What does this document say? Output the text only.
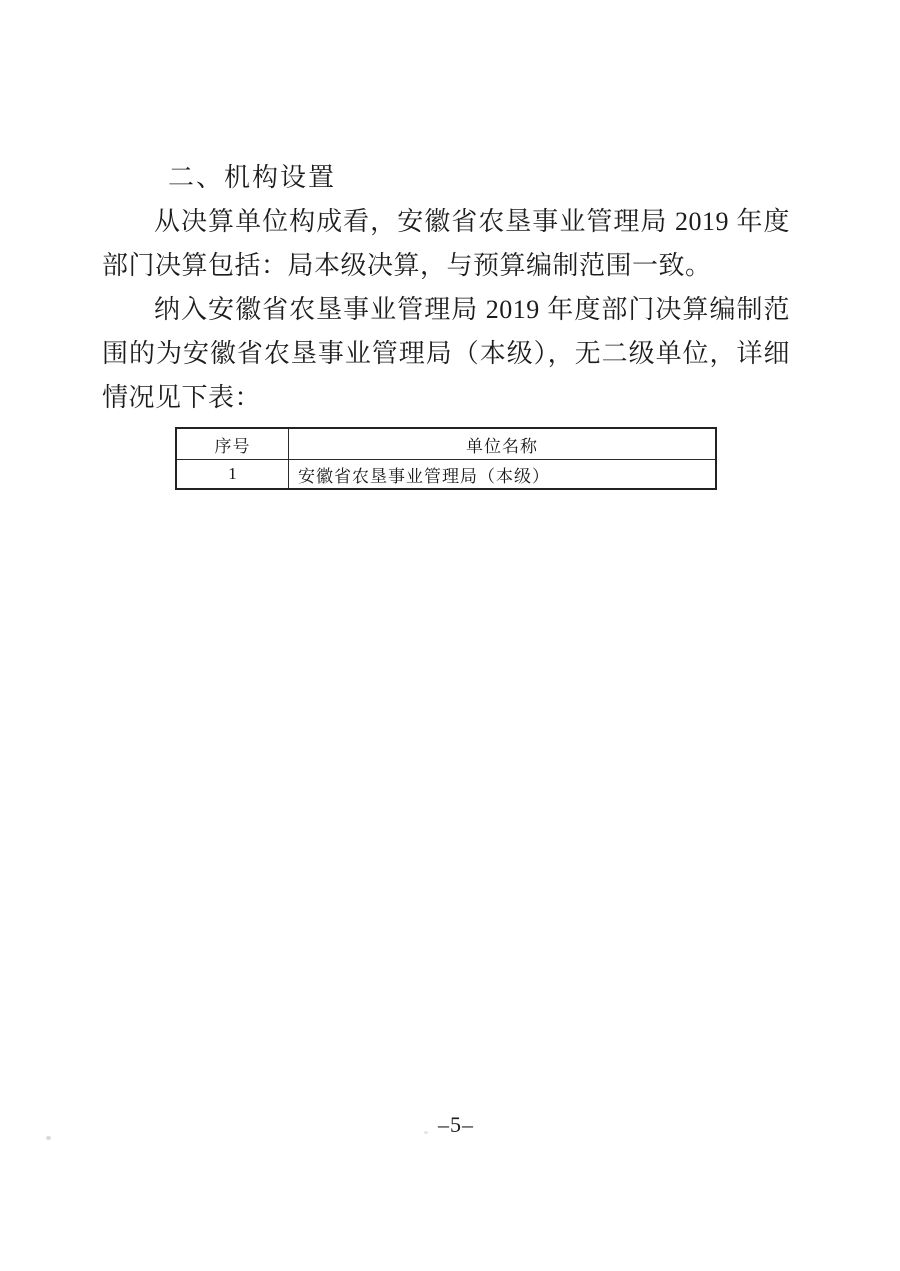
二、机构设置

从决算单位构成看，安徽省农垦事业管理局 2019 年度部门决算包括：局本级决算，与预算编制范围一致。

纳入安徽省农垦事业管理局 2019 年度部门决算编制范围的为安徽省农垦事业管理局（本级），无二级单位，详细情况见下表：

序号	单位名称
1	安徽省农垦事业管理局（本级）
–5–
